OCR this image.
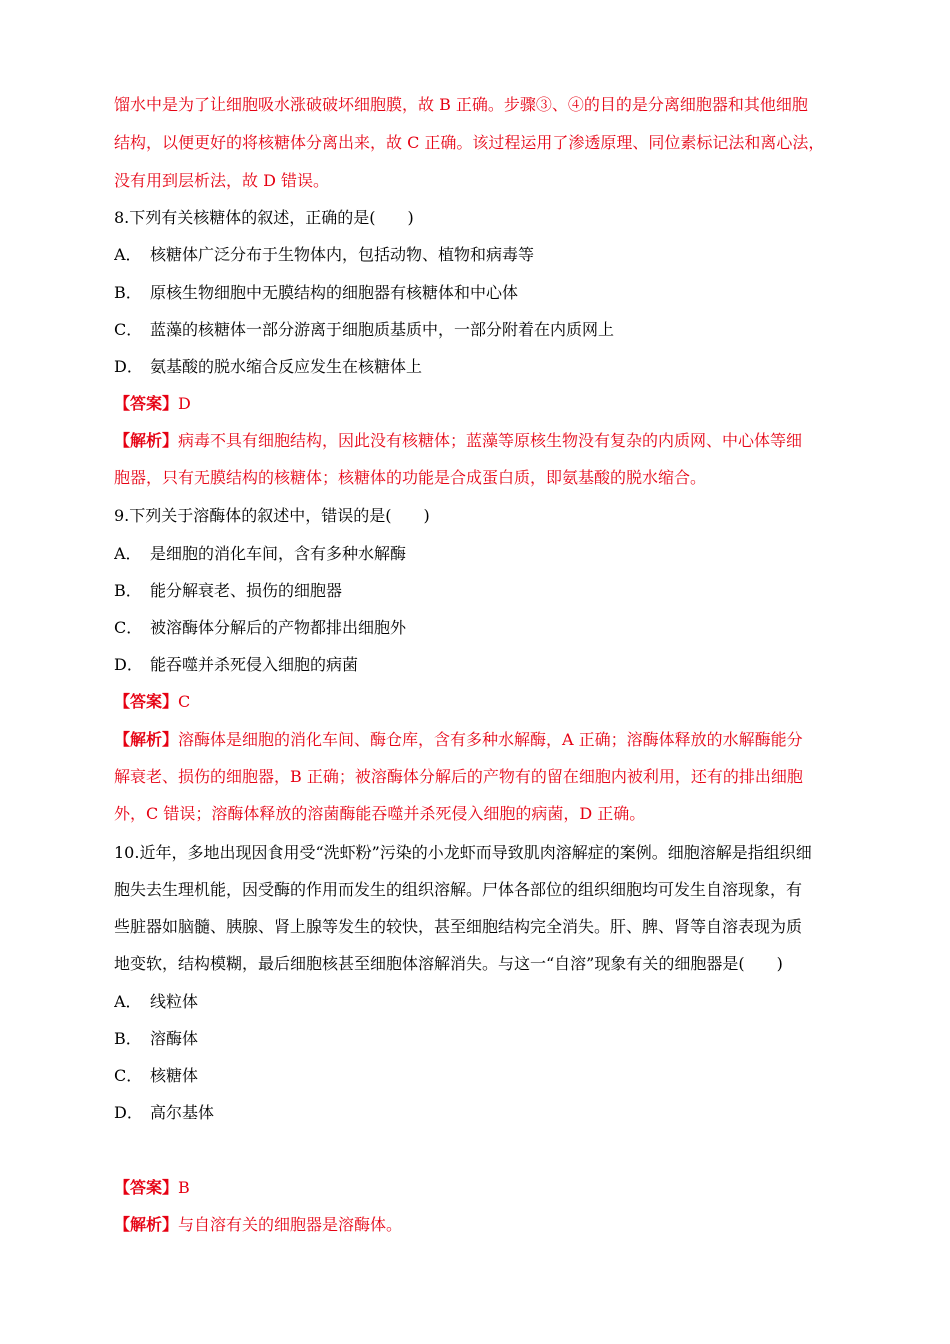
馏水中是为了让细胞吸水涨破破坏细胞膜，故 B 正确。步骤③、④的目的是分离细胞器和其他细胞
结构，以便更好的将核糖体分离出来，故 C 正确。该过程运用了渗透原理、同位素标记法和离心法，
没有用到层析法，故 D 错误。
8.下列有关核糖体的叙述，正确的是(　　)
A． 核糖体广泛分布于生物体内，包括动物、植物和病毒等
B． 原核生物细胞中无膜结构的细胞器有核糖体和中心体
C． 蓝藻的核糖体一部分游离于细胞质基质中，一部分附着在内质网上
D． 氨基酸的脱水缩合反应发生在核糖体上
【答案】D
【解析】病毒不具有细胞结构，因此没有核糖体；蓝藻等原核生物没有复杂的内质网、中心体等细
胞器，只有无膜结构的核糖体；核糖体的功能是合成蛋白质，即氨基酸的脱水缩合。
9.下列关于溶酶体的叙述中，错误的是(　　)
A． 是细胞的消化车间，含有多种水解酶
B． 能分解衰老、损伤的细胞器
C． 被溶酶体分解后的产物都排出细胞外
D． 能吞噬并杀死侵入细胞的病菌
【答案】C
【解析】溶酶体是细胞的消化车间、酶仓库，含有多种水解酶，A 正确；溶酶体释放的水解酶能分
解衰老、损伤的细胞器，B 正确；被溶酶体分解后的产物有的留在细胞内被利用，还有的排出细胞
外，C 错误；溶酶体释放的溶菌酶能吞噬并杀死侵入细胞的病菌，D 正确。
10.近年，多地出现因食用受“洗虾粉”污染的小龙虾而导致肌肉溶解症的案例。细胞溶解是指组织细
胞失去生理机能，因受酶的作用而发生的组织溶解。尸体各部位的组织细胞均可发生自溶现象，有
些脏器如脑髓、胰腺、肾上腺等发生的较快，甚至细胞结构完全消失。肝、脾、肾等自溶表现为质
地变软，结构模糊，最后细胞核甚至细胞体溶解消失。与这一“自溶”现象有关的细胞器是(　　)
A． 线粒体
B． 溶酶体
C． 核糖体
D． 高尔基体
【答案】B
【解析】与自溶有关的细胞器是溶酶体。
